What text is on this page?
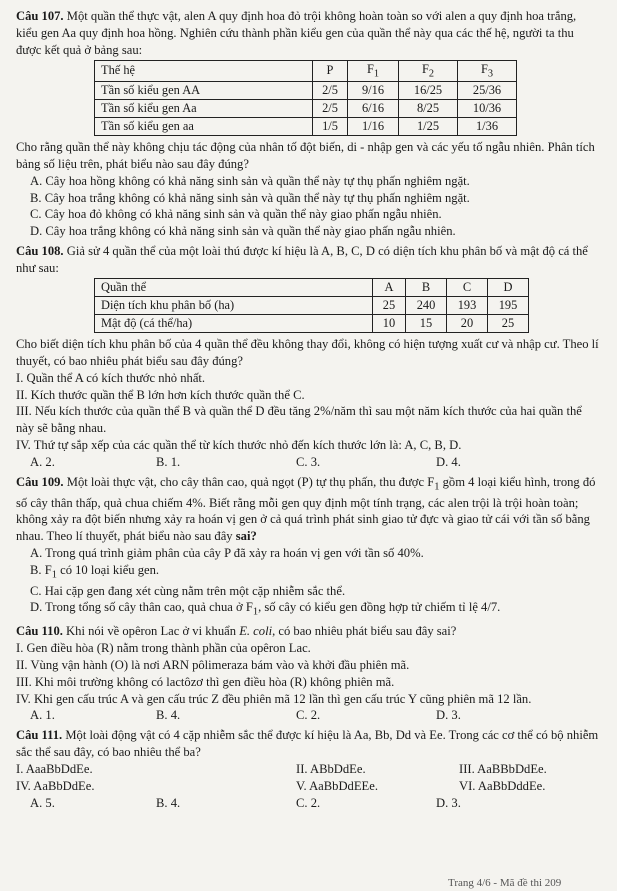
Câu 107. Một quần thể thực vật, alen A quy định hoa đỏ trội không hoàn toàn so với alen a quy định hoa trắng, kiểu gen Aa quy định hoa hồng. Nghiên cứu thành phần kiểu gen của quần thể này qua các thế hệ, người ta thu được kết quả ở bảng sau:

Thế hệ	P	$F_1$	$F_2$	$F_3$
Tần số kiểu gen AA	2/5	9/16	16/25	25/36
Tần số kiểu gen Aa	2/5	6/16	8/25	10/36
Tần số kiểu gen aa	1/5	1/16	1/25	1/36

Cho rằng quần thể này không chịu tác động của nhân tố đột biến, di - nhập gen và các yếu tố ngẫu nhiên. Phân tích bảng số liệu trên, phát biểu nào sau đây đúng?

A. Cây hoa hồng không có khả năng sinh sản và quần thể này tự thụ phấn nghiêm ngặt.

B. Cây hoa trắng không có khả năng sinh sản và quần thể này tự thụ phấn nghiêm ngặt.

C. Cây hoa đỏ không có khả năng sinh sản và quần thể này giao phấn ngẫu nhiên.

D. Cây hoa trắng không có khả năng sinh sản và quần thể này giao phấn ngẫu nhiên.

Câu 108. Giả sử 4 quần thể của một loài thú được kí hiệu là A, B, C, D có diện tích khu phân bố và mật độ cá thể như sau:

Quần thể	A	B	C	D
Diện tích khu phân bố (ha)	25	240	193	195
Mật độ (cá thể/ha)	10	15	20	25

Cho biết diện tích khu phân bố của 4 quần thể đều không thay đổi, không có hiện tượng xuất cư và nhập cư. Theo lí thuyết, có bao nhiêu phát biểu sau đây đúng?

I. Quần thể A có kích thước nhỏ nhất.

II. Kích thước quần thể B lớn hơn kích thước quần thể C.

III. Nếu kích thước của quần thể B và quần thể D đều tăng 2%/năm thì sau một năm kích thước của hai quần thể này sẽ bằng nhau.

IV. Thứ tự sắp xếp của các quần thể từ kích thước nhỏ đến kích thước lớn là: A, C, B, D.

A. 2.	B. 1.	C. 3.	D. 4.

Câu 109. Một loài thực vật, cho cây thân cao, quả ngọt (P) tự thụ phấn, thu được $F_1$ gồm 4 loại kiểu hình, trong đó số cây thân thấp, quả chua chiếm 4%. Biết rằng mỗi gen quy định một tính trạng, các alen trội là trội hoàn toàn; không xảy ra đột biến nhưng xảy ra hoán vị gen ở cả quá trình phát sinh giao tử đực và giao tử cái với tần số bằng nhau. Theo lí thuyết, phát biểu nào sau đây sai?

A. Trong quá trình giảm phân của cây P đã xảy ra hoán vị gen với tần số 40%.

B. $F_1$ có 10 loại kiểu gen.

C. Hai cặp gen đang xét cùng nằm trên một cặp nhiễm sắc thể.

D. Trong tổng số cây thân cao, quả chua ở $F_1$, số cây có kiểu gen đồng hợp tử chiếm tỉ lệ 4/7.

Câu 110. Khi nói về opêron Lac ở vi khuẩn E. coli, có bao nhiêu phát biểu sau đây sai?

I. Gen điều hòa (R) nằm trong thành phần của opêron Lac.

II. Vùng vận hành (O) là nơi ARN pôlimeraza bám vào và khởi đầu phiên mã.

III. Khi môi trường không có lactôzơ thì gen điều hòa (R) không phiên mã.

IV. Khi gen cấu trúc A và gen cấu trúc Z đều phiên mã 12 lần thì gen cấu trúc Y cũng phiên mã 12 lần.

A. 1.	B. 4.	C. 2.	D. 3.

Câu 111. Một loài động vật có 4 cặp nhiễm sắc thể được kí hiệu là Aa, Bb, Dd và Ee. Trong các cơ thể có bộ nhiễm sắc thể sau đây, có bao nhiêu thể ba?

I. AaaBbDdEe.	II. ABbDdEe.	III. AaBBbDdEe.
IV. AaBbDdEe.	V. AaBbDdEEe.	VI. AaBbDddEe.
A. 5.	B. 4.	C. 2.	D. 3.
Trang 4/6 - Mã đề thi 209
